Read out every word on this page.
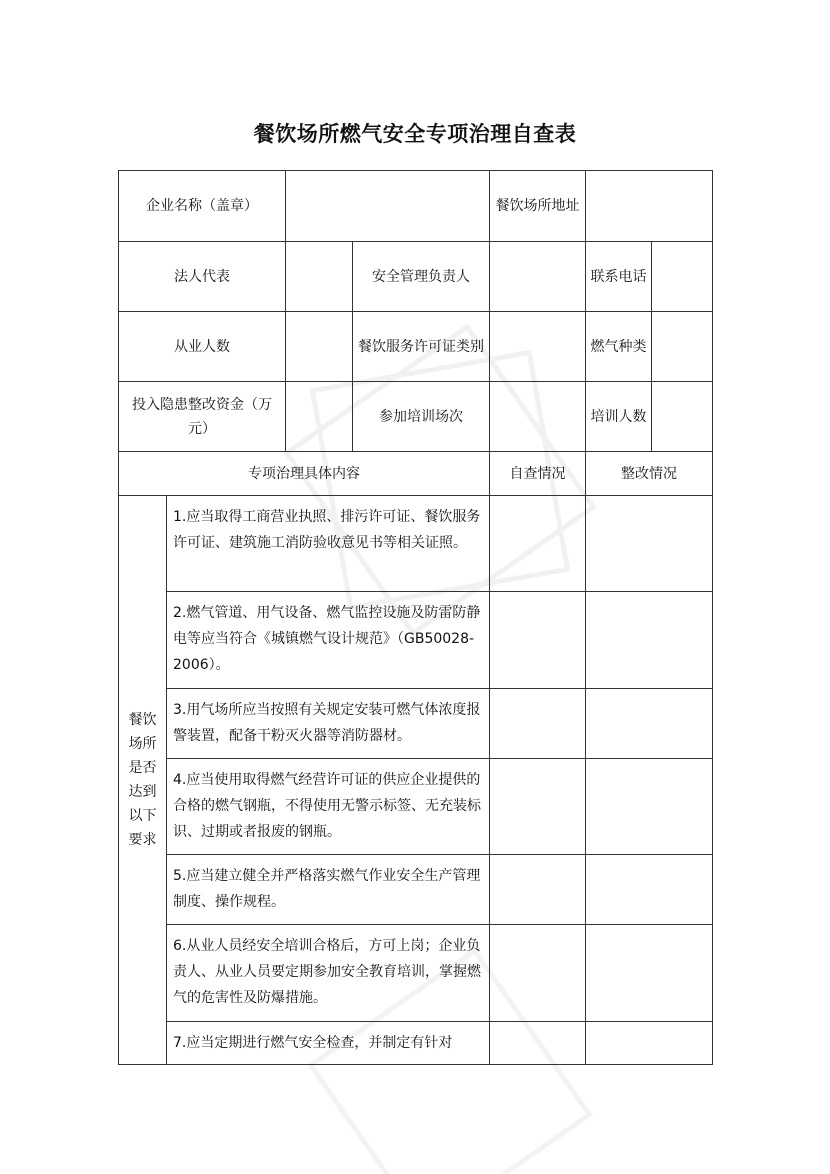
餐饮场所燃气安全专项治理自查表
企业名称（盖章）				餐饮场所地址		
法人代表			安全管理负责人		联系电话	
从业人数			餐饮服务许可证类别		燃气种类	
投入隐患整改资金（万元）			参加培训场次		培训人数	
专项治理具体内容				自查情况	整改情况	
餐饮场所是否达到以下要求	1.应当取得工商营业执照、排污许可证、餐饮服务许可证、建筑施工消防验收意见书等相关证照。					
	2.燃气管道、用气设备、燃气监控设施及防雷防静电等应当符合《城镇燃气设计规范》（GB50028-2006）。					
	3.用气场所应当按照有关规定安装可燃气体浓度报警装置，配备干粉灭火器等消防器材。					
	4.应当使用取得燃气经营许可证的供应企业提供的合格的燃气钢瓶，不得使用无警示标签、无充装标识、过期或者报废的钢瓶。					
	5.应当建立健全并严格落实燃气作业安全生产管理制度、操作规程。					
	6.从业人员经安全培训合格后，方可上岗；企业负责人、从业人员要定期参加安全教育培训，掌握燃气的危害性及防爆措施。					
	7.应当定期进行燃气安全检查，并制定有针对					
